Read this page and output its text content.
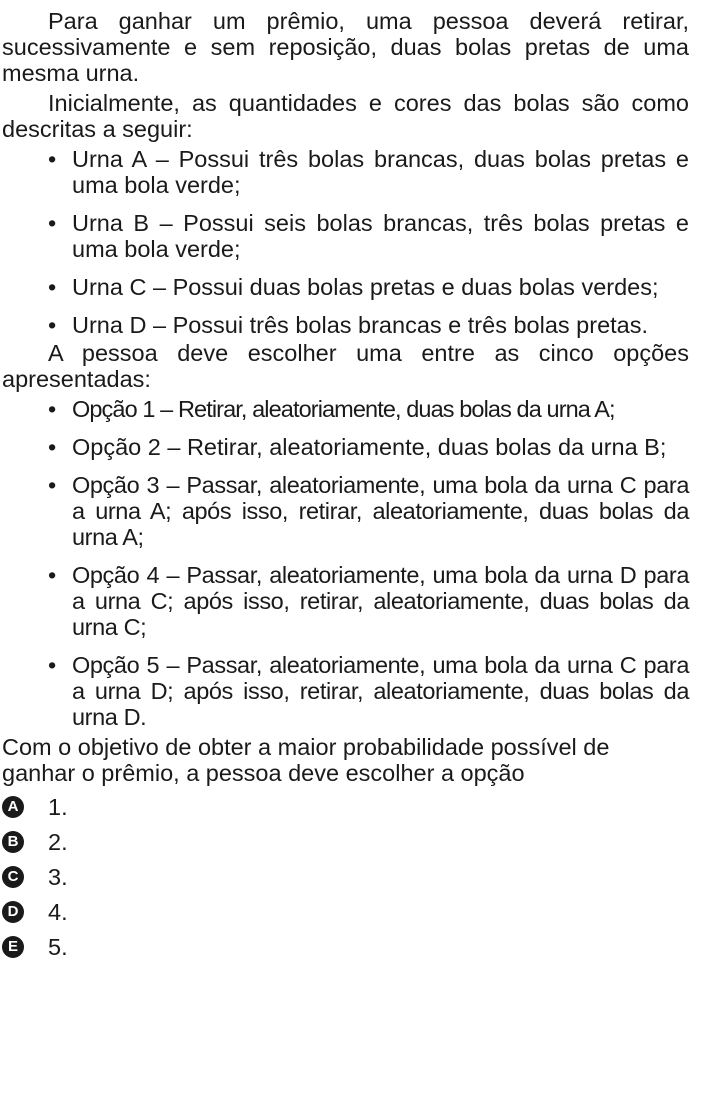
Para ganhar um prêmio, uma pessoa deverá retirar, sucessivamente e sem reposição, duas bolas pretas de uma mesma urna.

Inicialmente, as quantidades e cores das bolas são como descritas a seguir:

• Urna A – Possui três bolas brancas, duas bolas pretas e uma bola verde;
• Urna B – Possui seis bolas brancas, três bolas pretas e uma bola verde;
• Urna C – Possui duas bolas pretas e duas bolas verdes;
• Urna D – Possui três bolas brancas e três bolas pretas.

A pessoa deve escolher uma entre as cinco opções apresentadas:

• Opção 1 – Retirar, aleatoriamente, duas bolas da urna A;
• Opção 2 – Retirar, aleatoriamente, duas bolas da urna B;
• Opção 3 – Passar, aleatoriamente, uma bola da urna C para a urna A; após isso, retirar, aleatoriamente, duas bolas da urna A;
• Opção 4 – Passar, aleatoriamente, uma bola da urna D para a urna C; após isso, retirar, aleatoriamente, duas bolas da urna C;
• Opção 5 – Passar, aleatoriamente, uma bola da urna C para a urna D; após isso, retirar, aleatoriamente, duas bolas da urna D.

Com o objetivo de obter a maior probabilidade possível de ganhar o prêmio, a pessoa deve escolher a opção

A 1.
B 2.
C 3.
D 4.
E 5.
